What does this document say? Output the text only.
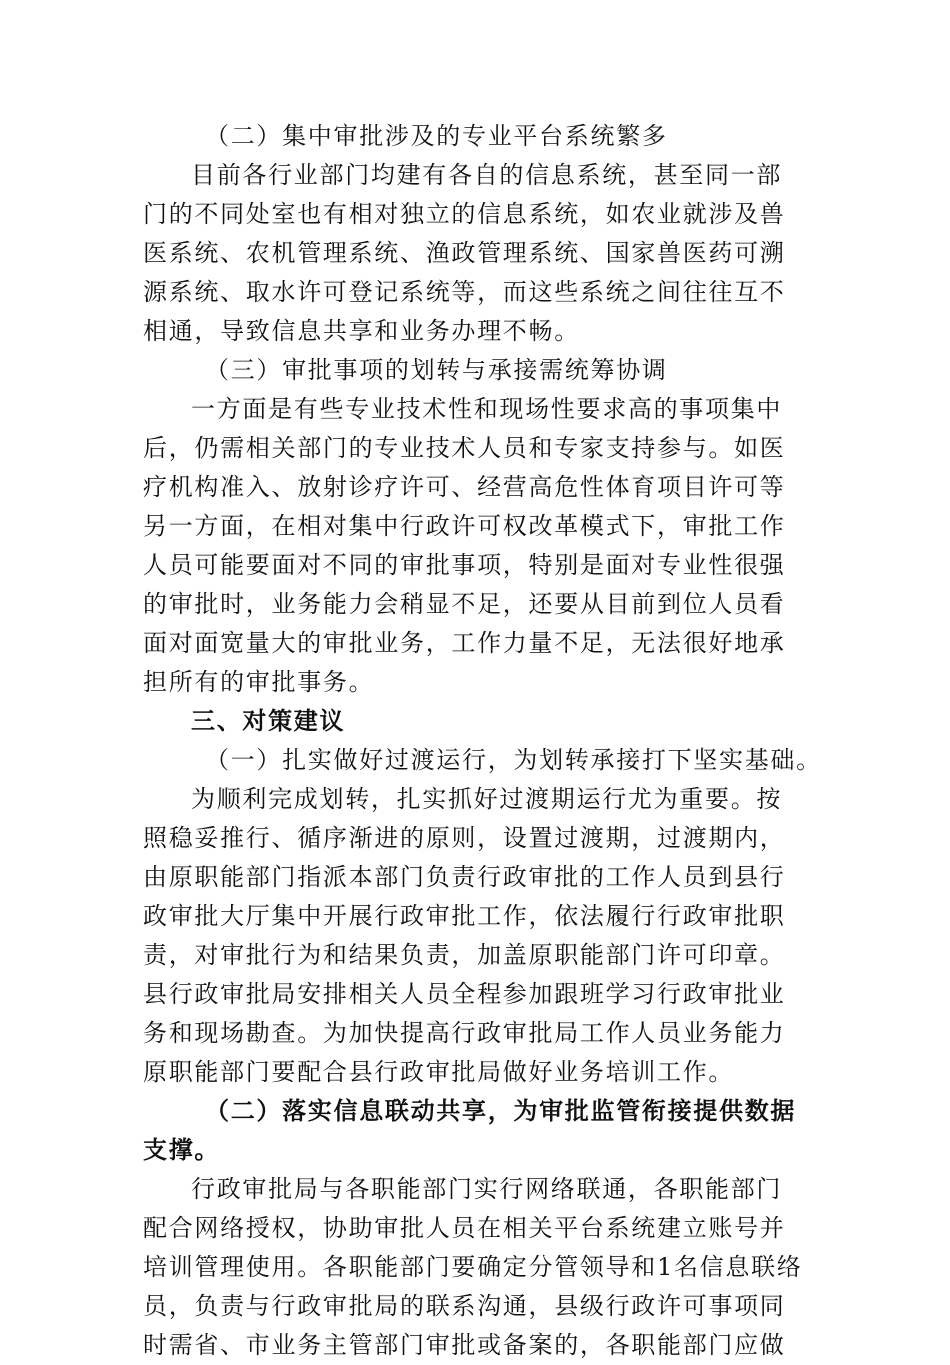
（二）集中审批涉及的专业平台系统繁多
目前各行业部门均建有各自的信息系统，甚至同一部
门的不同处室也有相对独立的信息系统，如农业就涉及兽
医系统、农机管理系统、渔政管理系统、国家兽医药可溯
源系统、取水许可登记系统等，而这些系统之间往往互不
相通，导致信息共享和业务办理不畅。
（三）审批事项的划转与承接需统筹协调
一方面是有些专业技术性和现场性要求高的事项集中
后，仍需相关部门的专业技术人员和专家支持参与。如医
疗机构准入、放射诊疗许可、经营高危性体育项目许可等
另一方面，在相对集中行政许可权改革模式下，审批工作
人员可能要面对不同的审批事项，特别是面对专业性很强
的审批时，业务能力会稍显不足，还要从目前到位人员看
面对面宽量大的审批业务，工作力量不足，无法很好地承
担所有的审批事务。
三、对策建议
（一）扎实做好过渡运行，为划转承接打下坚实基础。
为顺利完成划转，扎实抓好过渡期运行尤为重要。按
照稳妥推行、循序渐进的原则，设置过渡期，过渡期内，
由原职能部门指派本部门负责行政审批的工作人员到县行
政审批大厅集中开展行政审批工作，依法履行行政审批职
责，对审批行为和结果负责，加盖原职能部门许可印章。
县行政审批局安排相关人员全程参加跟班学习行政审批业
务和现场勘查。为加快提高行政审批局工作人员业务能力
原职能部门要配合县行政审批局做好业务培训工作。
（二）落实信息联动共享，为审批监管衔接提供数据
支撑。
行政审批局与各职能部门实行网络联通，各职能部门
配合网络授权，协助审批人员在相关平台系统建立账号并
培训管理使用。各职能部门要确定分管领导和1名信息联络
员，负责与行政审批局的联系沟通，县级行政许可事项同
时需省、市业务主管部门审批或备案的，各职能部门应做
